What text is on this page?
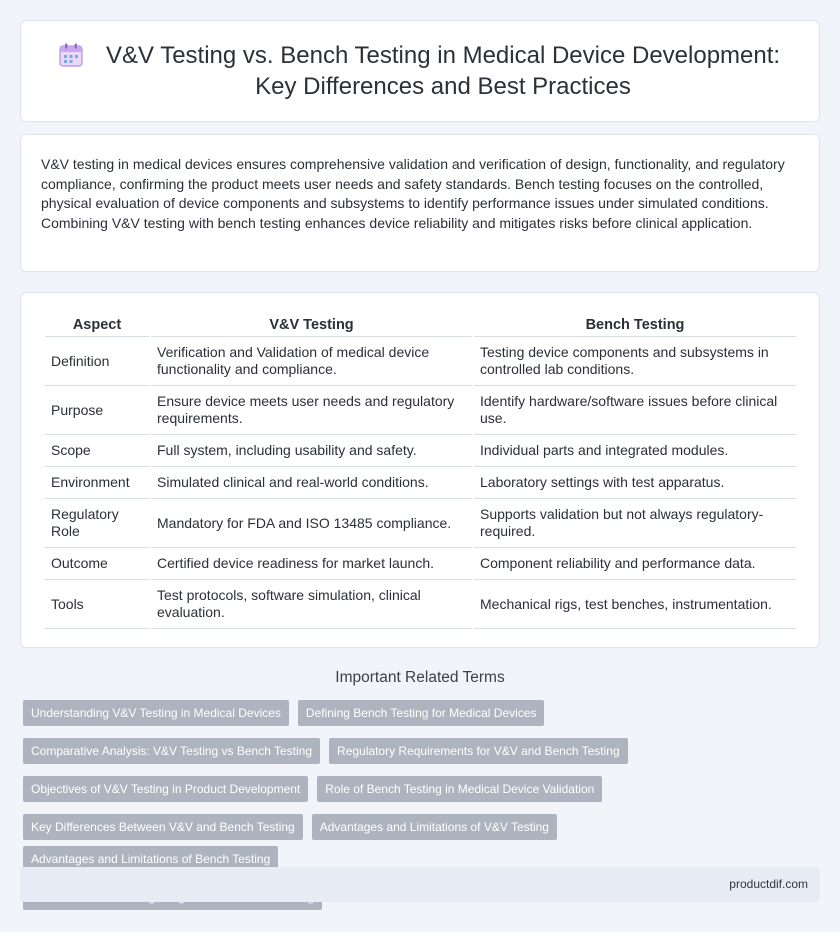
V&V Testing vs. Bench Testing in Medical Device Development: Key Differences and Best Practices

V&V testing in medical devices ensures comprehensive validation and verification of design, functionality, and regulatory compliance, confirming the product meets user needs and safety standards. Bench testing focuses on the controlled, physical evaluation of device components and subsystems to identify performance issues under simulated conditions. Combining V&V testing with bench testing enhances device reliability and mitigates risks before clinical application.

Aspect	V&V Testing	Bench Testing
Definition	Verification and Validation of medical device functionality and compliance.	Testing device components and subsystems in controlled lab conditions.
Purpose	Ensure device meets user needs and regulatory requirements.	Identify hardware/software issues before clinical use.
Scope	Full system, including usability and safety.	Individual parts and integrated modules.
Environment	Simulated clinical and real-world conditions.	Laboratory settings with test apparatus.
Regulatory Role	Mandatory for FDA and ISO 13485 compliance.	Supports validation but not always regulatory-required.
Outcome	Certified device readiness for market launch.	Component reliability and performance data.
Tools	Test protocols, software simulation, clinical evaluation.	Mechanical rigs, test benches, instrumentation.
Important Related Terms
Understanding V&V Testing in Medical Devices	Defining Bench Testing for Medical Devices
Comparative Analysis: V&V Testing vs Bench Testing	Regulatory Requirements for V&V and Bench Testing
Objectives of V&V Testing in Product Development	Role of Bench Testing in Medical Device Validation
Key Differences Between V&V and Bench Testing	Advantages and Limitations of V&V Testing
Advantages and Limitations of Bench Testing
productdif.com
